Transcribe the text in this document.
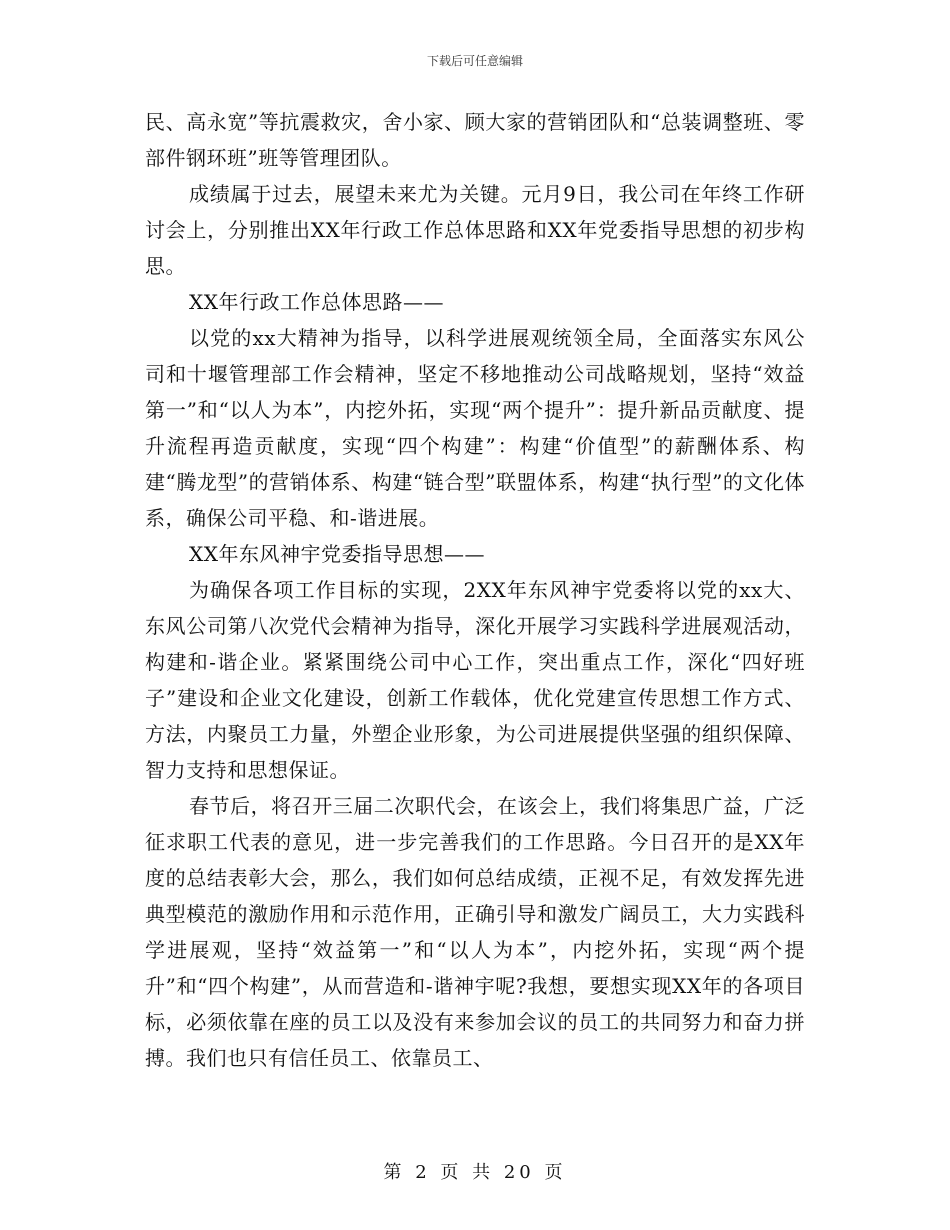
下载后可任意编辑

民、高永宽”等抗震救灾，舍小家、顾大家的营销团队和“总装调整班、零部件钢环班”班等管理团队。

成绩属于过去，展望未来尤为关键。元月9日，我公司在年终工作研讨会上，分别推出XX年行政工作总体思路和XX年党委指导思想的初步构思。

XX年行政工作总体思路——

以党的xx大精神为指导，以科学进展观统领全局，全面落实东风公司和十堰管理部工作会精神，坚定不移地推动公司战略规划，坚持“效益第一”和“以人为本”，内挖外拓，实现“两个提升”：提升新品贡献度、提升流程再造贡献度，实现“四个构建”：构建“价值型”的薪酬体系、构建“腾龙型”的营销体系、构建“链合型”联盟体系，构建“执行型”的文化体系，确保公司平稳、和-谐进展。

XX年东风神宇党委指导思想——

为确保各项工作目标的实现，2XX年东风神宇党委将以党的xx大、东风公司第八次党代会精神为指导，深化开展学习实践科学进展观活动，构建和-谐企业。紧紧围绕公司中心工作，突出重点工作，深化“四好班子”建设和企业文化建设，创新工作载体，优化党建宣传思想工作方式、方法，内聚员工力量，外塑企业形象，为公司进展提供坚强的组织保障、智力支持和思想保证。

春节后，将召开三届二次职代会，在该会上，我们将集思广益，广泛征求职工代表的意见，进一步完善我们的工作思路。今日召开的是XX年度的总结表彰大会，那么，我们如何总结成绩，正视不足，有效发挥先进典型模范的激励作用和示范作用，正确引导和激发广阔员工，大力实践科学进展观，坚持“效益第一”和“以人为本”，内挖外拓，实现“两个提升”和“四个构建”，从而营造和-谐神宇呢?我想，要想实现XX年的各项目标，必须依靠在座的员工以及没有来参加会议的员工的共同努力和奋力拼搏。我们也只有信任员工、依靠员工、

第 2 页 共 20 页
